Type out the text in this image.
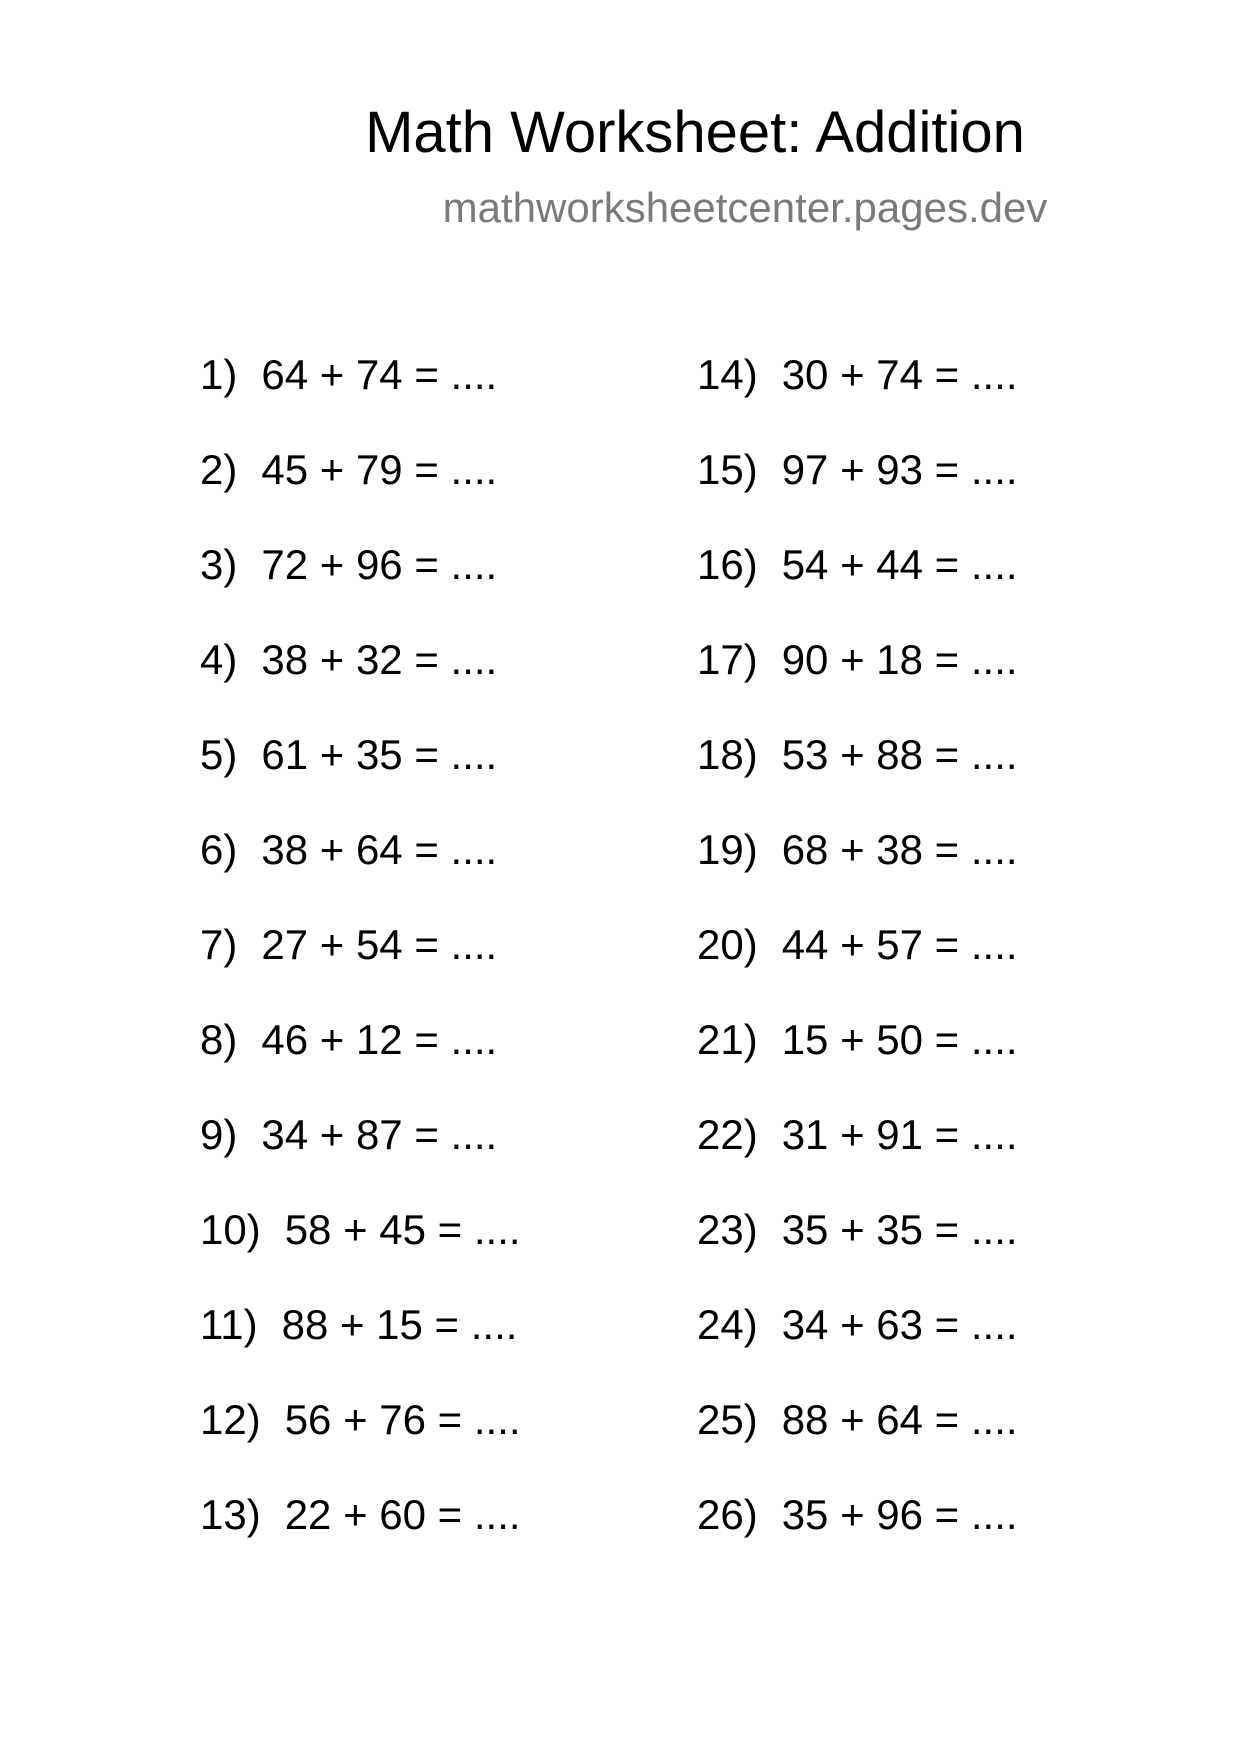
Math Worksheet: Addition
mathworksheetcenter.pages.dev
1) 64 + 74 = ....
2) 45 + 79 = ....
3) 72 + 96 = ....
4) 38 + 32 = ....
5) 61 + 35 = ....
6) 38 + 64 = ....
7) 27 + 54 = ....
8) 46 + 12 = ....
9) 34 + 87 = ....
10) 58 + 45 = ....
11) 88 + 15 = ....
12) 56 + 76 = ....
13) 22 + 60 = ....
14) 30 + 74 = ....
15) 97 + 93 = ....
16) 54 + 44 = ....
17) 90 + 18 = ....
18) 53 + 88 = ....
19) 68 + 38 = ....
20) 44 + 57 = ....
21) 15 + 50 = ....
22) 31 + 91 = ....
23) 35 + 35 = ....
24) 34 + 63 = ....
25) 88 + 64 = ....
26) 35 + 96 = ....
